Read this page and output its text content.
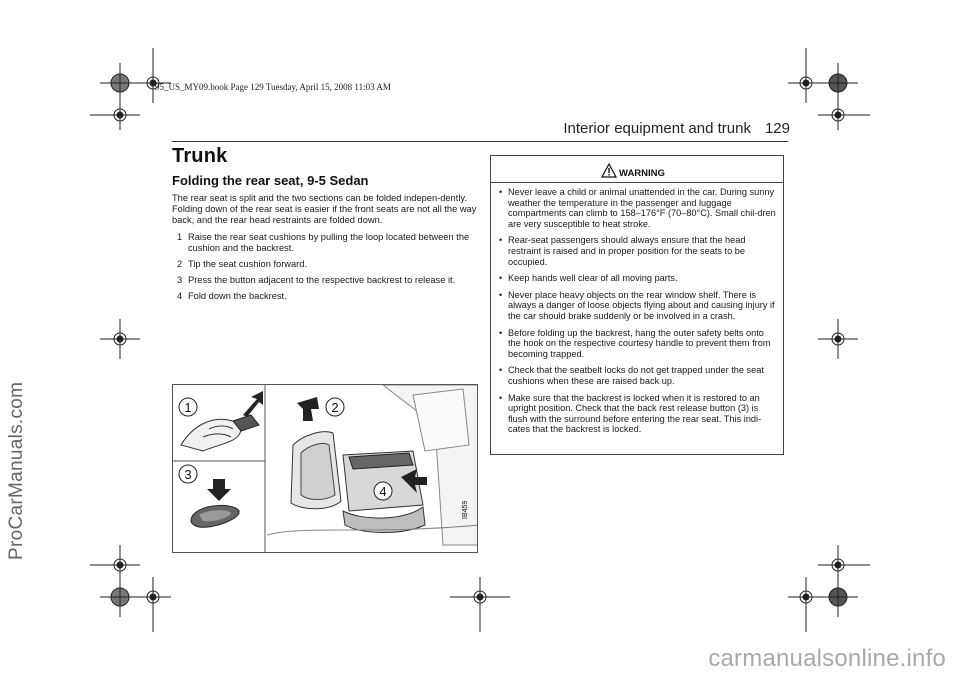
95_US_MY09.book Page 129 Tuesday, April 15, 2008 11:03 AM
ProCarManuals.com
Interior equipment and trunk 129
Trunk
Folding the rear seat, 9-5 Sedan
The rear seat is split and the two sections can be folded indepen-dently. Folding down of the rear seat is easier if the front seats are not all the way back, and the rear head restraints are folded down.
1 Raise the rear seat cushions by pulling the loop located between the cushion and the backrest.
2 Tip the seat cushion forward.
3 Press the button adjacent to the respective backrest to release it.
4 Fold down the backrest.
1
3
2
4
IB459
WARNING
• Never leave a child or animal unattended in the car. During sunny weather the temperature in the passenger and luggage compartments can climb to 158–176°F (70–80°C). Small chil-dren are very susceptible to heat stroke.
• Rear-seat passengers should always ensure that the head restraint is raised and in proper position for the seats to be occupied.
• Keep hands well clear of all moving parts.
• Never place heavy objects on the rear window shelf. There is always a danger of loose objects flying about and causing injury if the car should brake suddenly or be involved in a crash.
• Before folding up the backrest, hang the outer safety belts onto the hook on the respective courtesy handle to prevent them from becoming trapped.
• Check that the seatbelt locks do not get trapped under the seat cushions when these are raised back up.
• Make sure that the backrest is locked when it is restored to an upright position. Check that the back rest release button (3) is flush with the surround before entering the rear seat. This indi-cates that the backrest is locked.
carmanualsonline.info
